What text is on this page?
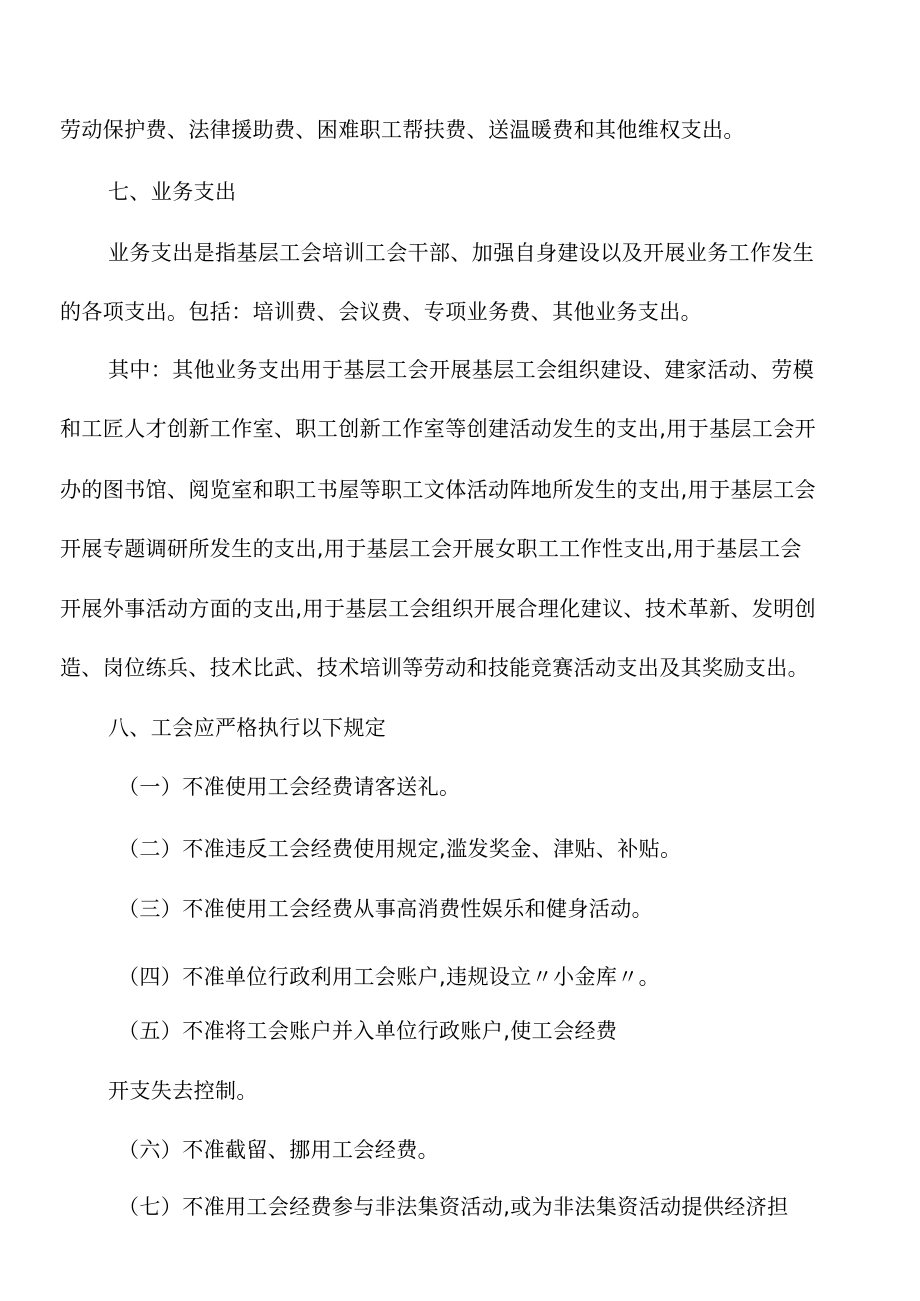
劳动保护费、法律援助费、困难职工帮扶费、送温暖费和其他维权支出。
七、业务支出
业务支出是指基层工会培训工会干部、加强自身建设以及开展业务工作发生
的各项支出。包括：培训费、会议费、专项业务费、其他业务支出。
其中：其他业务支出用于基层工会开展基层工会组织建设、建家活动、劳模
和工匠人才创新工作室、职工创新工作室等创建活动发生的支出,用于基层工会开
办的图书馆、阅览室和职工书屋等职工文体活动阵地所发生的支出,用于基层工会
开展专题调研所发生的支出,用于基层工会开展女职工工作性支出,用于基层工会
开展外事活动方面的支出,用于基层工会组织开展合理化建议、技术革新、发明创
造、岗位练兵、技术比武、技术培训等劳动和技能竞赛活动支出及其奖励支出。
八、工会应严格执行以下规定
（一）不准使用工会经费请客送礼。
（二）不准违反工会经费使用规定,滥发奖金、津贴、补贴。
（三）不准使用工会经费从事高消费性娱乐和健身活动。
（四）不准单位行政利用工会账户,违规设立〃小金库〃。
（五）不准将工会账户并入单位行政账户,使工会经费
开支失去控制。
（六）不准截留、挪用工会经费。
（七）不准用工会经费参与非法集资活动,或为非法集资活动提供经济担
